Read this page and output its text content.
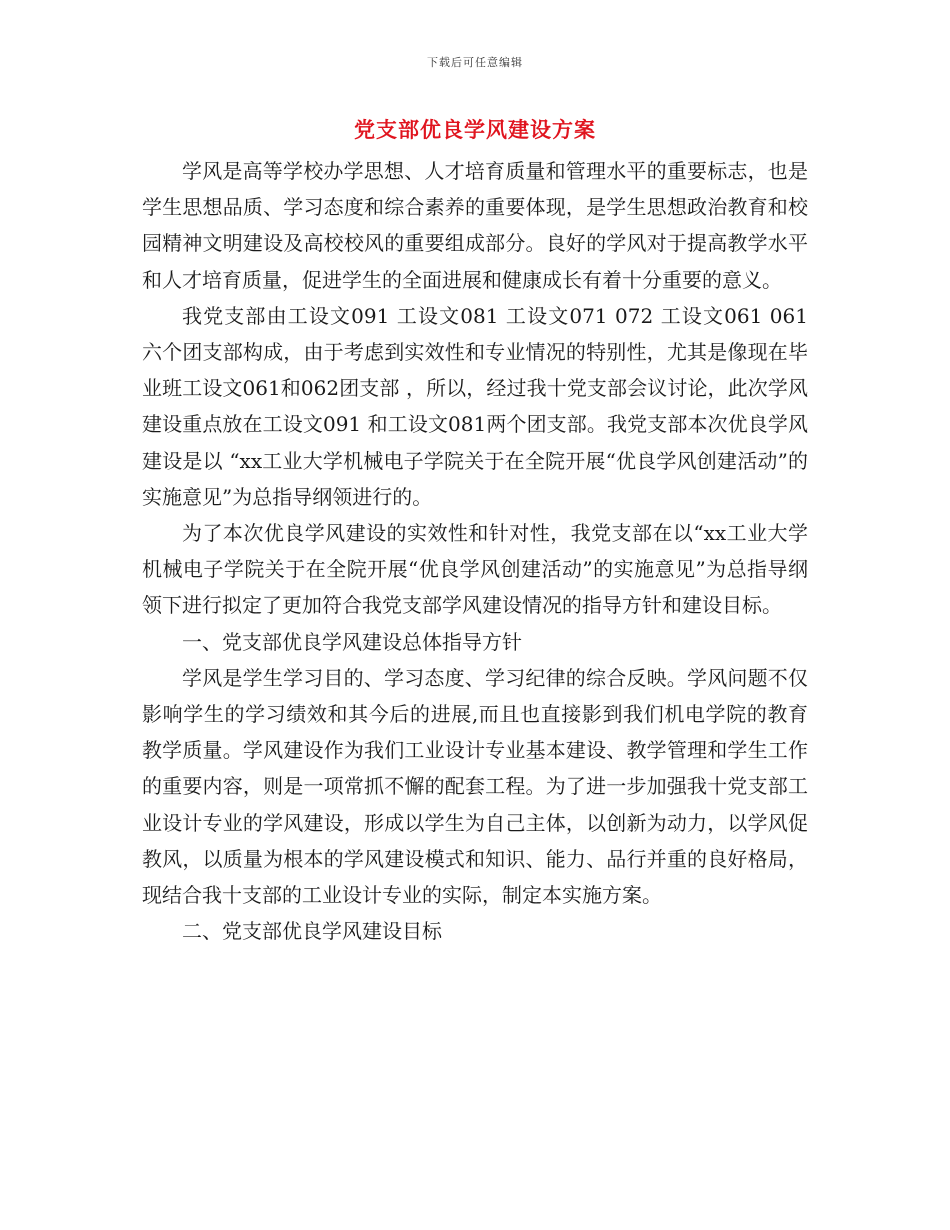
下载后可任意编辑
党支部优良学风建设方案

学风是高等学校办学思想、人才培育质量和管理水平的重要标志，也是学生思想品质、学习态度和综合素养的重要体现，是学生思想政治教育和校园精神文明建设及高校校风的重要组成部分。良好的学风对于提高教学水平和人才培育质量，促进学生的全面进展和健康成长有着十分重要的意义。

我党支部由工设文091 工设文081 工设文071 072 工设文061 061 六个团支部构成，由于考虑到实效性和专业情况的特别性，尤其是像现在毕业班工设文061和062团支部 ，所以，经过我十党支部会议讨论，此次学风建设重点放在工设文091 和工设文081两个团支部。我党支部本次优良学风建设是以 “xx工业大学机械电子学院关于在全院开展“优良学风创建活动”的实施意见”为总指导纲领进行的。

为了本次优良学风建设的实效性和针对性，我党支部在以“xx工业大学机械电子学院关于在全院开展“优良学风创建活动”的实施意见”为总指导纲领下进行拟定了更加符合我党支部学风建设情况的指导方针和建设目标。

一、党支部优良学风建设总体指导方针

学风是学生学习目的、学习态度、学习纪律的综合反映。学风问题不仅影响学生的学习绩效和其今后的进展,而且也直接影到我们机电学院的教育教学质量。学风建设作为我们工业设计专业基本建设、教学管理和学生工作的重要内容，则是一项常抓不懈的配套工程。为了进一步加强我十党支部工业设计专业的学风建设，形成以学生为自己主体，以创新为动力，以学风促教风，以质量为根本的学风建设模式和知识、能力、品行并重的良好格局，现结合我十支部的工业设计专业的实际，制定本实施方案。

二、党支部优良学风建设目标
